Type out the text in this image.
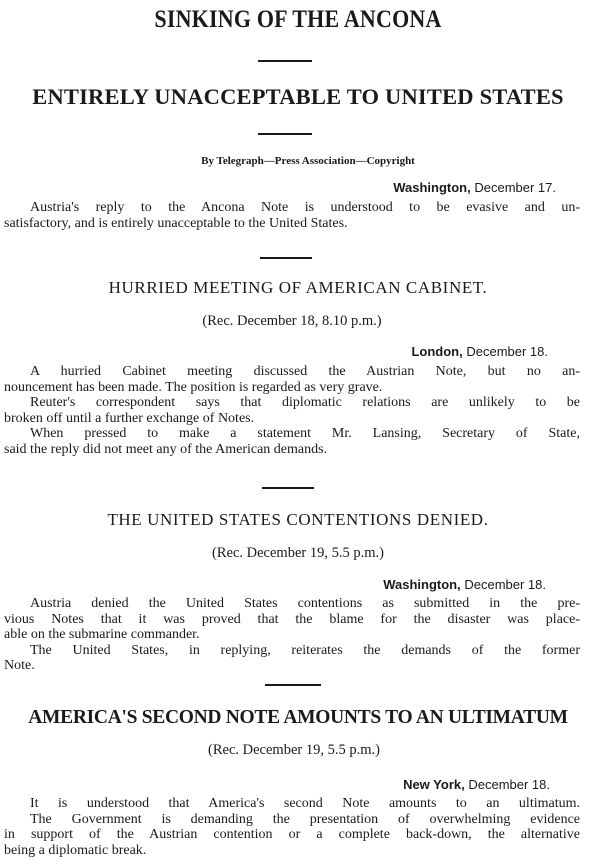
SINKING OF THE ANCONA
ENTIRELY UNACCEPTABLE TO UNITED STATES
By Telegraph—Press Association—Copyright
Washington, December 17.
Austria's reply to the Ancona Note is understood to be evasive and un-
satisfactory, and is entirely unacceptable to the United States.
HURRIED MEETING OF AMERICAN CABINET.
(Rec. December 18, 8.10 p.m.)
London, December 18.
A hurried Cabinet meeting discussed the Austrian Note, but no an-
nouncement has been made. The position is regarded as very grave.
Reuter's correspondent says that diplomatic relations are unlikely to be
broken off until a further exchange of Notes.
When pressed to make a statement Mr. Lansing, Secretary of State,
said the reply did not meet any of the American demands.
THE UNITED STATES CONTENTIONS DENIED.
(Rec. December 19, 5.5 p.m.)
Washington, December 18.
Austria denied the United States contentions as submitted in the pre-
vious Notes that it was proved that the blame for the disaster was place-
able on the submarine commander.
The United States, in replying, reiterates the demands of the former
Note.
AMERICA'S SECOND NOTE AMOUNTS TO AN ULTIMATUM
(Rec. December 19, 5.5 p.m.)
New York, December 18.
It is understood that America's second Note amounts to an ultimatum.
The Government is demanding the presentation of overwhelming evidence
in support of the Austrian contention or a complete back-down, the alternative
being a diplomatic break.
